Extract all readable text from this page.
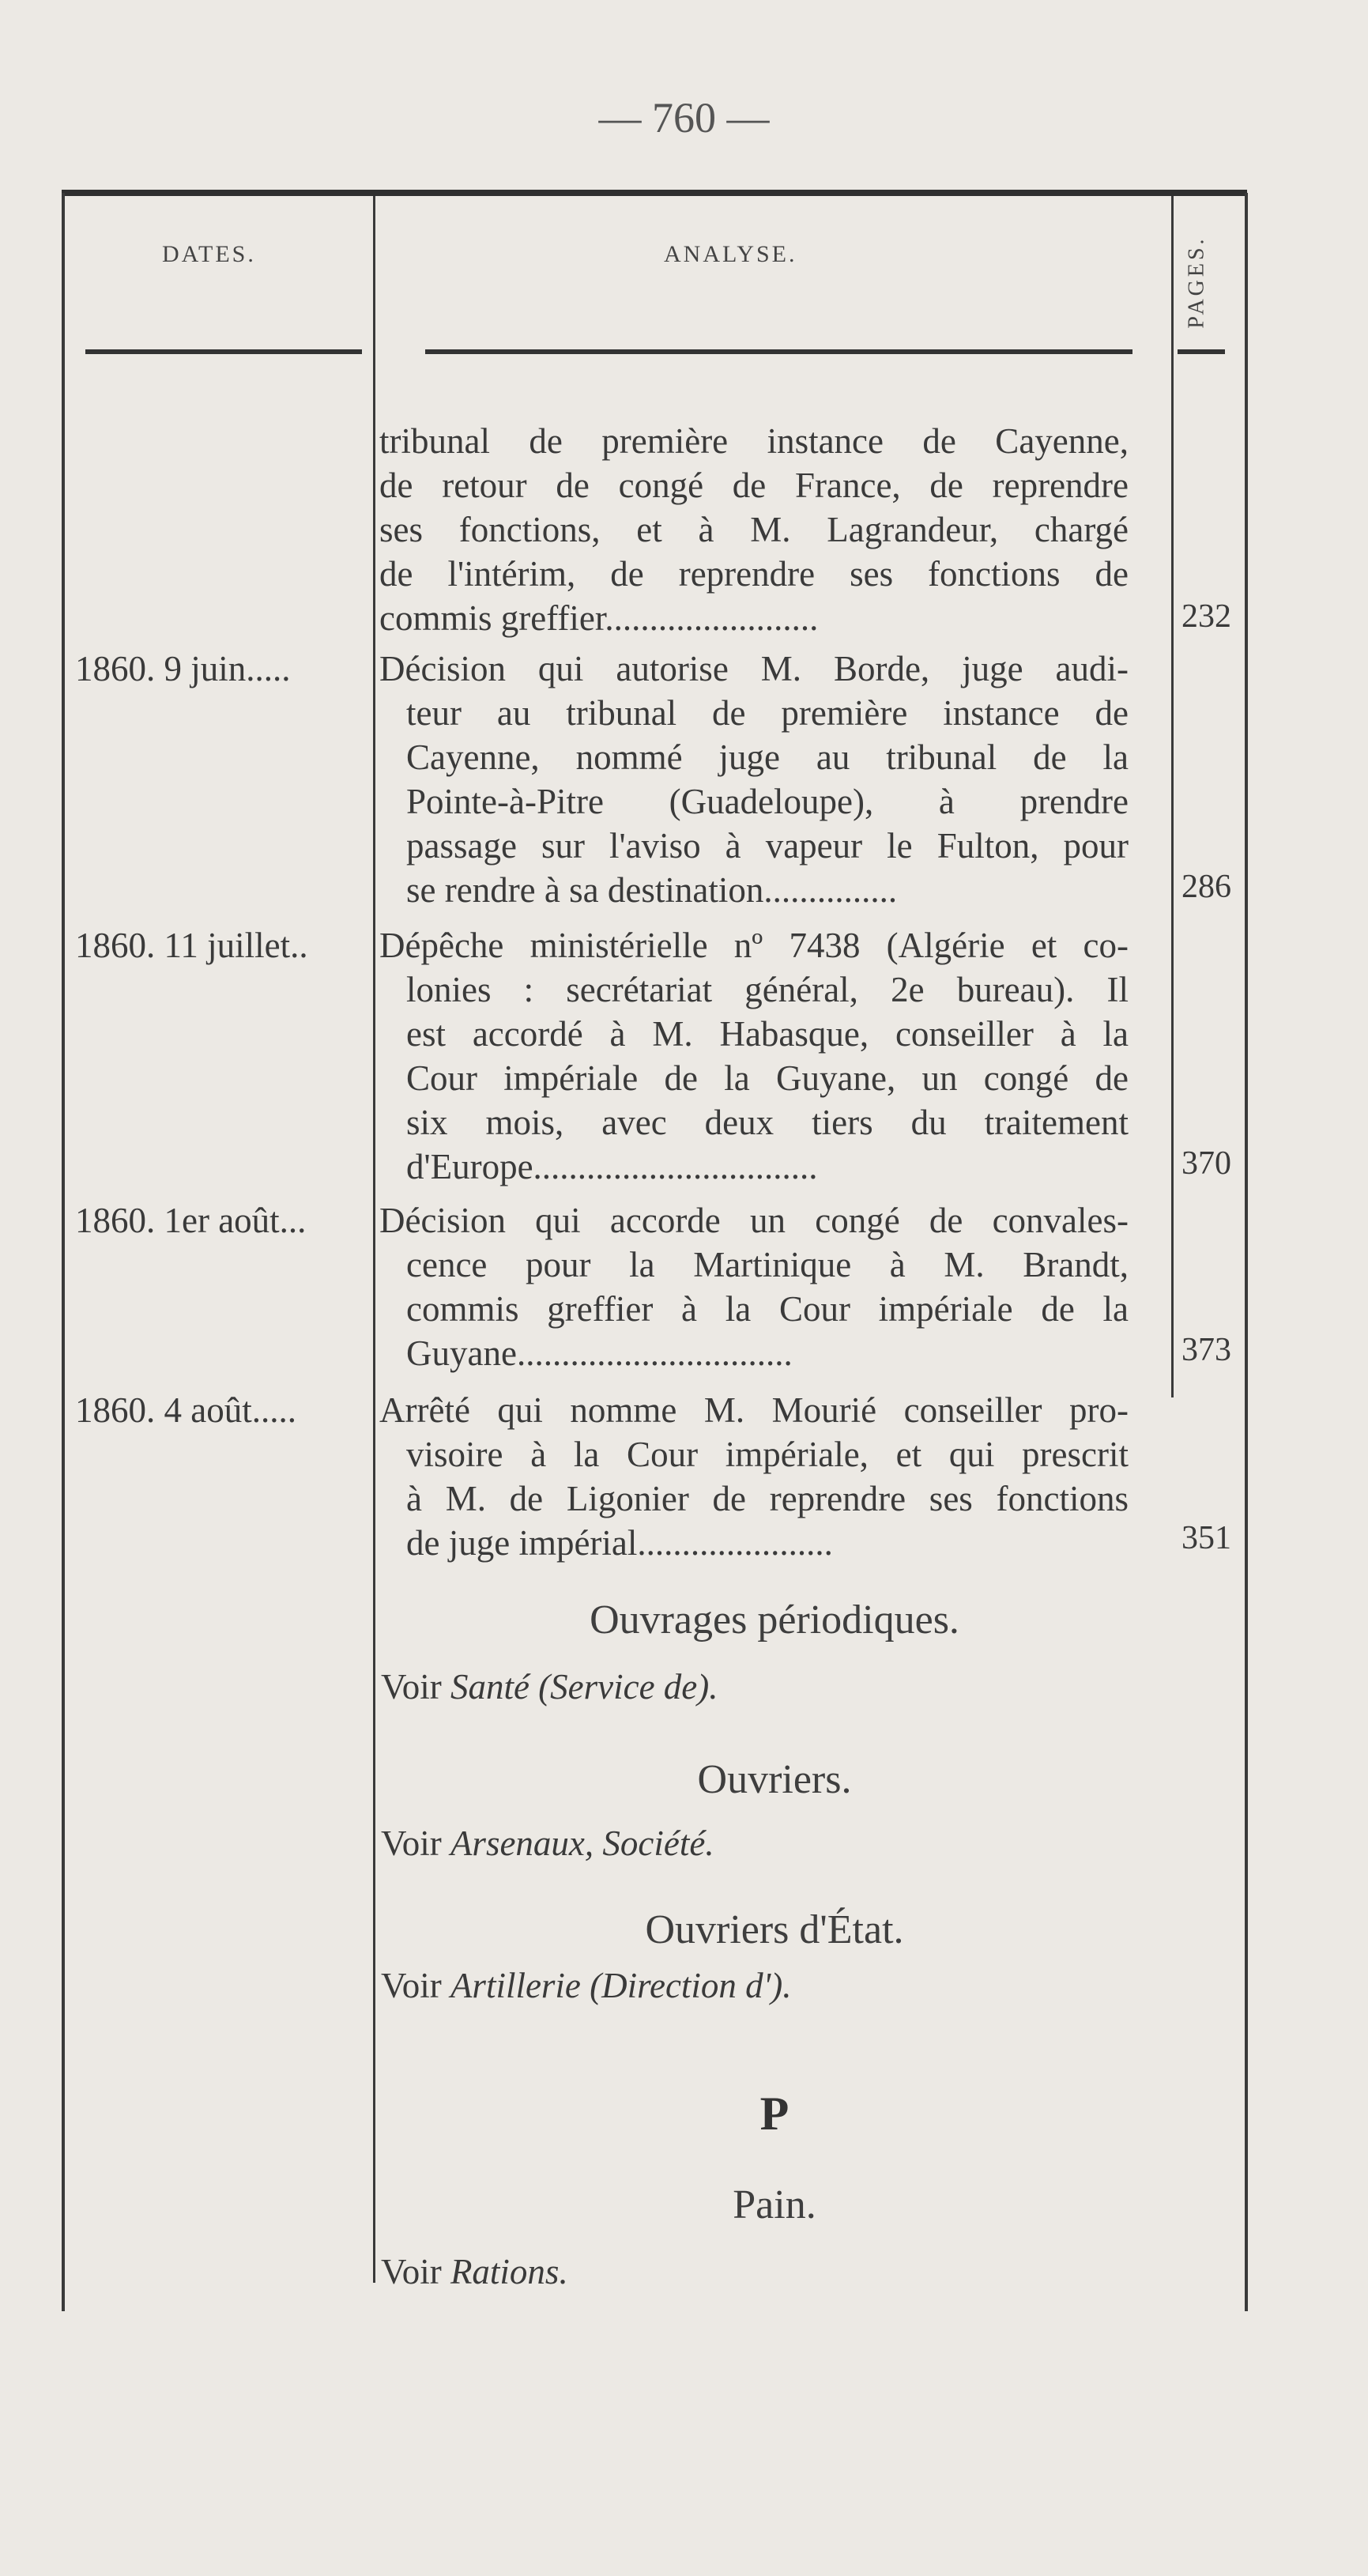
— 760 —
DATES.	ANALYSE.	PAGES.
tribunal de première instance de Cayenne,
de retour de congé de France, de reprendre
ses fonctions, et à M. Lagrandeur, chargé
de l'intérim, de reprendre ses fonctions de
commis greffier........................	232
1860. 9 juin..... Décision qui autorise M. Borde, juge audi-
teur au tribunal de première instance de
Cayenne, nommé juge au tribunal de la
Pointe-à-Pitre (Guadeloupe), à prendre
passage sur l'aviso à vapeur le Fulton, pour
se rendre à sa destination...............	286
1860. 11 juillet.. Dépêche ministérielle nº 7438 (Algérie et co-
lonies : secrétariat général, 2e bureau). Il
est accordé à M. Habasque, conseiller à la
Cour impériale de la Guyane, un congé de
six mois, avec deux tiers du traitement
d'Europe................................	370
1860. 1er août... Décision qui accorde un congé de convales-
cence pour la Martinique à M. Brandt,
commis greffier à la Cour impériale de la
Guyane...............................	373
1860. 4 août..... Arrêté qui nomme M. Mourié conseiller pro-
visoire à la Cour impériale, et qui prescrit
à M. de Ligonier de reprendre ses fonctions
de juge impérial......................	351
Ouvrages périodiques.
Voir Santé (Service de).
Ouvriers.
Voir Arsenaux, Société.
Ouvriers d'État.
Voir Artillerie (Direction d').
P
Pain.
Voir Rations.
